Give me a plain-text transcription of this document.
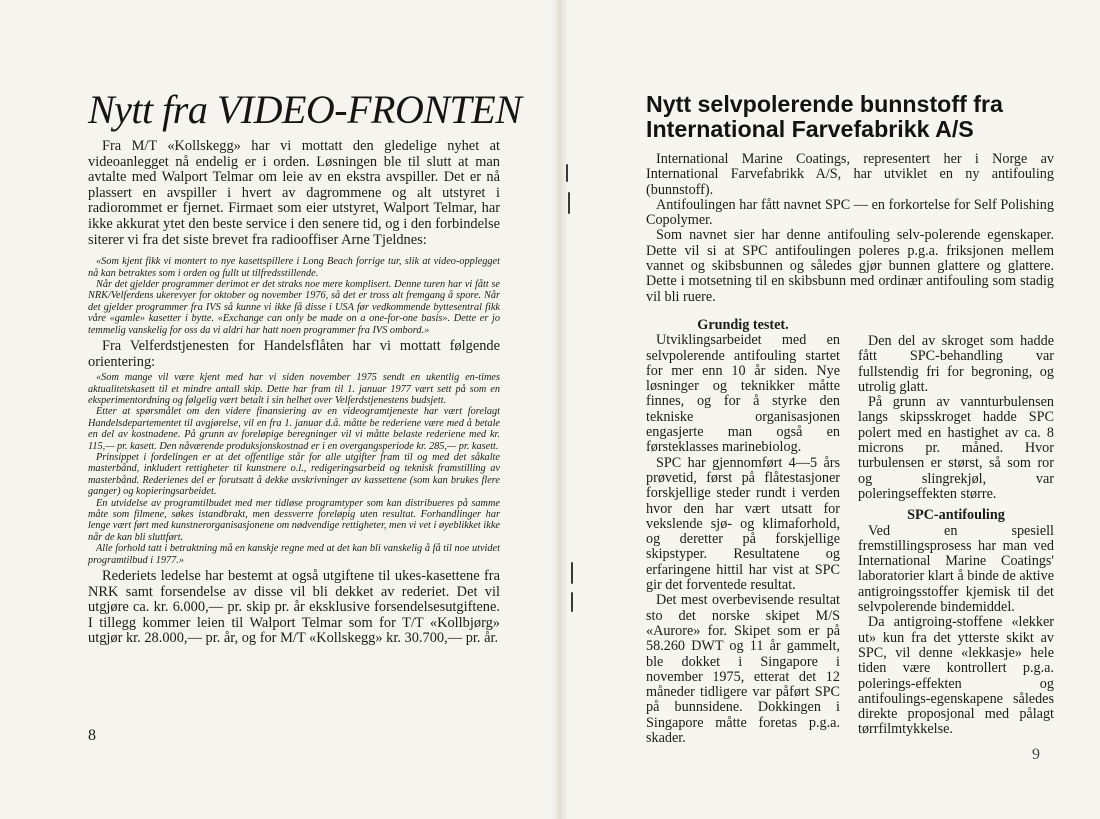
Nytt fra VIDEO-FRONTEN

Fra M/T «Kollskegg» har vi mottatt den gledelige nyhet at videoanlegget nå endelig er i orden. Løsningen ble til slutt at man avtalte med Walport Telmar om leie av en ekstra avspiller. Det er nå plassert en avspiller i hvert av dagrommene og alt utstyret i radiorommet er fjernet. Firmaet som eier utstyret, Walport Telmar, har ikke akkurat ytet den beste service i den senere tid, og i den forbindelse siterer vi fra det siste brevet fra radiooffiser Arne Tjeldnes:

«Som kjent fikk vi montert to nye kasettspillere i Long Beach forrige tur, slik at video-opplegget nå kan betraktes som i orden og fullt ut tilfredsstillende.

Når det gjelder programmer derimot er det straks noe mere komplisert. Denne turen har vi fått se NRK/Velferdens ukerevyer for oktober og november 1976, så det er tross alt fremgang å spore. Når det gjelder programmer fra IVS så kunne vi ikke få disse i USA før vedkommende byttesentral fikk våre «gamle» kasetter i bytte. «Exchange can only be made on a one-for-one basis». Dette er jo temmelig vanskelig for oss da vi aldri har hatt noen programmer fra IVS ombord.»

Fra Velferdstjenesten for Handelsflåten har vi mottatt følgende orientering:

«Som mange vil være kjent med har vi siden november 1975 sendt en ukentlig en-times aktualitetskasett til et mindre antall skip. Dette har fram til 1. januar 1977 vært sett på som en eksperimentordning og følgelig vært betalt i sin helhet over Velferdstjenestens budsjett.

Etter at spørsmålet om den videre finansiering av en videogramtjeneste har vært forelagt Handelsdepartementet til avgjørelse, vil en fra 1. januar d.å. måtte be rederiene være med å betale en del av kostnadene. På grunn av foreløpige beregninger vil vi måtte belaste rederiene med kr. 115,— pr. kasett. Den nåværende produksjonskostnad er i en overgangsperiode kr. 285,— pr. kasett.

Prinsippet i fordelingen er at det offentlige står for alle utgifter fram til og med det såkalte masterbånd, inkludert rettigheter til kunstnere o.l., redigeringsarbeid og teknisk framstilling av masterbånd. Rederienes del er forutsatt å dekke avskrivninger av kassettene (som kan brukes flere ganger) og kopieringsarbeidet.

En utvidelse av programtilbudet med mer tidløse programtyper som kan distribueres på samme måte som filmene, søkes istandbrakt, men dessverre foreløpig uten resultat. Forhandlinger har lenge vært ført med kunstnerorganisasjonene om nødvendige rettigheter, men vi vet i øyeblikket ikke når de kan bli sluttført.

Alle forhold tatt i betraktning må en kanskje regne med at det kan bli vanskelig å få til noe utvidet programtilbud i 1977.»

Rederiets ledelse har bestemt at også utgiftene til ukes-kasettene fra NRK samt forsendelse av disse vil bli dekket av rederiet. Det vil utgjøre ca. kr. 6.000,— pr. skip pr. år eksklusive forsendelsesutgiftene. I tillegg kommer leien til Walport Telmar som for T/T «Kollbjørg» utgjør kr. 28.000,— pr. år, og for M/T «Kollskegg» kr. 30.700,— pr. år.

8
Nytt selvpolerende bunnstoff fra
International Farvefabrikk A/S

International Marine Coatings, representert her i Norge av International Farvefabrikk A/S, har utviklet en ny antifouling (bunnstoff).

Antifoulingen har fått navnet SPC — en forkortelse for Self Polishing Copolymer.

Som navnet sier har denne antifouling selv-polerende egenskaper. Dette vil si at SPC antifoulingen poleres p.g.a. friksjonen mellem vannet og skibsbunnen og således gjør bunnen glattere og glattere. Dette i motsetning til en skibsbunn med ordinær antifouling som stadig vil bli ruere.

Grundig testet.

Utviklingsarbeidet med en selvpolerende antifouling startet for mer enn 10 år siden. Nye løsninger og teknikker måtte finnes, og for å styrke den tekniske organisasjonen engasjerte man også en førsteklasses marinebiolog.

SPC har gjennomført 4—5 års prøvetid, først på flåtestasjoner forskjellige steder rundt i verden hvor den har vært utsatt for vekslende sjø- og klimaforhold, og deretter på forskjellige skipstyper. Resultatene og erfaringene hittil har vist at SPC gir det forventede resultat.

Det mest overbevisende resultat sto det norske skipet M/S «Aurore» for. Skipet som er på 58.260 DWT og 11 år gammelt, ble dokket i Singapore i november 1975, etterat det 12 måneder tidligere var påført SPC på bunnsidene. Dokkingen i Singapore måtte foretas p.g.a. skader.

Den del av skroget som hadde fått SPC-behandling var fullstendig fri for begroning, og utrolig glatt.

På grunn av vannturbulensen langs skipsskroget hadde SPC polert med en hastighet av ca. 8 microns pr. måned. Hvor turbulensen er størst, så som ror og slingrekjøl, var poleringseffekten større.

SPC-antifouling

Ved en spesiell fremstillingsprosess har man ved International Marine Coatings' laboratorier klart å binde de aktive antigroingsstoffer kjemisk til det selvpolerende bindemiddel.

Da antigroing-stoffene «lekker ut» kun fra det ytterste skikt av SPC, vil denne «lekkasje» hele tiden være kontrollert p.g.a. polerings-effekten og antifoulings-egenskapene således direkte proposjonal med pålagt tørrfilmtykkelse.

9
